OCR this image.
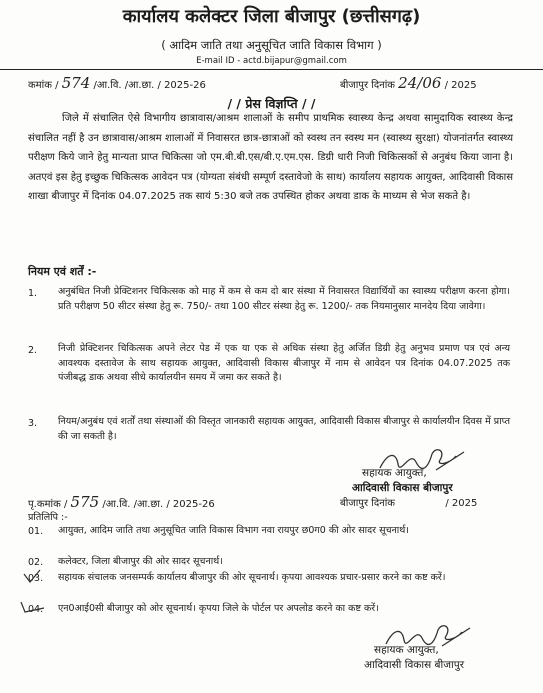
कार्यालय कलेक्टर जिला बीजापुर (छत्तीसगढ़)
( आदिम जाति तथा अनुसूचित जाति विकास विभाग )
E-mail ID - actd.bijapur@gmail.com
कमांक / 574 /आ.वि. /आ.छा. / 2025-26	बीजापुर दिनांक 24/06 / 2025
/ / प्रेस विज्ञप्ति / /
जिले में संचालित ऐसे विभागीय छात्रावास/आश्रम शालाओं के समीप प्राथमिक स्वास्थ्य केन्द्र अथवा सामुदायिक स्वास्थ्य केन्द्र संचालित नहीं है उन छात्रावास/आश्रम शालाओं में निवासरत छात्र-छात्राओं को स्वस्थ तन स्वस्थ मन (स्वास्थ्य सुरक्षा) योजनांतर्गत स्वास्थ्य परीक्षण किये जाने हेतु मान्यता प्राप्त चिकित्सा जो एम.बी.बी.एस/बी.ए.एम.एस. डिग्री धारी निजी चिकित्सकों से अनुबंध किया जाना है। अतएवं इस हेतु इच्छुक चिकित्सक आवेदन पत्र (योग्यता संबंधी सम्पूर्ण दस्तावेजो के साथ) कार्यालय सहायक आयुक्त, आदिवासी विकास शाखा बीजापुर में दिनांक 04.07.2025 तक सायं 5:30 बजे तक उपस्थित होकर अथवा डाक के माध्यम से भेज सकते है।
नियम एवं शर्तें :-
1. अनुबंधित निजी प्रेक्टिशनर चिकित्सक को माह में कम से कम दो बार संस्था में निवासरत विद्यार्थियों का स्वास्थ्य परीक्षण करना होगा। प्रति परीक्षण 50 सीटर संस्था हेतु रू. 750/- तथा 100 सीटर संस्था हेतु रू. 1200/- तक नियमानुसार मानदेय दिया जावेगा।
2. निजी प्रेक्टिशनर चिकित्सक अपने लेटर पेड में एक या एक से अधिक संस्था हेतु अर्जित डिग्री हेतु अनुभव प्रमाण पत्र एवं अन्य आवश्यक दस्तावेज के साथ सहायक आयुक्त, आदिवासी विकास बीजापुर में नाम से आवेदन पत्र दिनांक 04.07.2025 तक पंजीबद्ध डाक अथवा सीधे कार्यालयीन समय में जमा कर सकते है।
3. नियम/अनुबंध एवं शर्तों तथा संस्थाओं की विस्तृत जानकारी सहायक आयुक्त, आदिवासी विकास बीजापुर से कार्यालयीन दिवस में प्राप्त की जा सकती है।
सहायक आयुक्त,
आदिवासी विकास बीजापुर
पृ.कमांक / 575 /आ.वि. /आ.छा. / 2025-26	बीजापुर दिनांक	/ 2025
प्रतिलिपि :-
01. आयुक्त, आदिम जाति तथा अनुसूचित जाति विकास विभाग नवा रायपुर छ0ग0 की ओर सादर सूचनार्थ।
02. कलेक्टर, जिला बीजापुर की ओर सादर सूचनार्थ।
03. सहायक संचालक जनसम्पर्क कार्यालय बीजापुर की ओर सूचनार्थ। कृपया आवश्यक प्रचार-प्रसार करने का कष्ट करें।
04. एन0आई0सी बीजापुर को ओर सूचनार्थ। कृपया जिले के पोर्टल पर अपलोड करने का कष्ट करें।
सहायक आयुक्त,
आदिवासी विकास बीजापुर
